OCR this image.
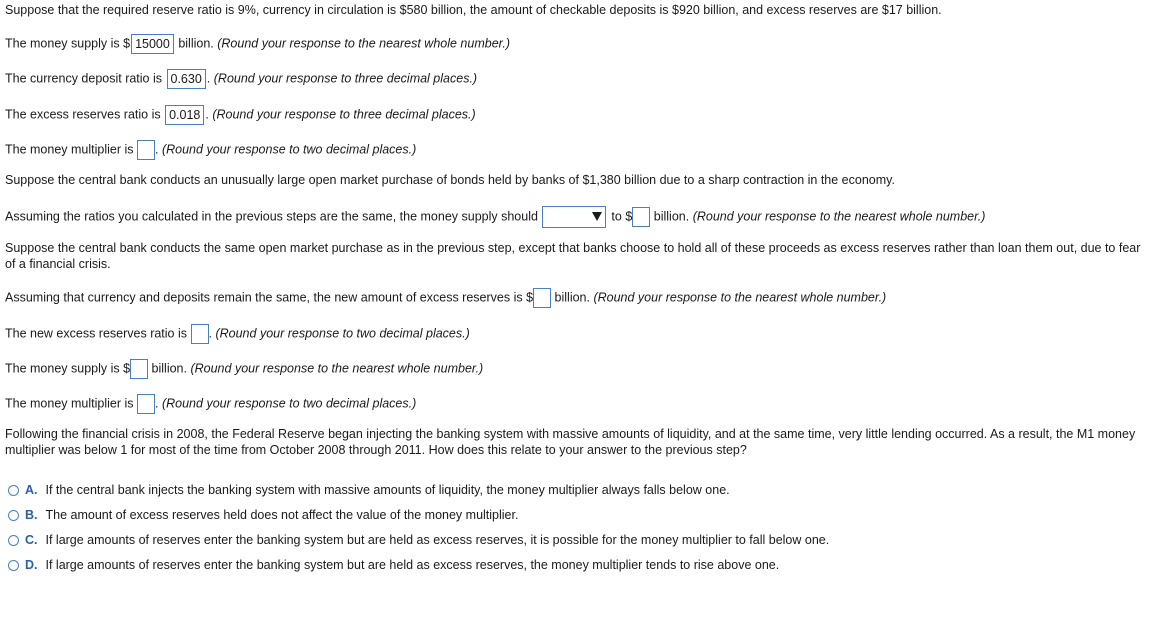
Suppose that the required reserve ratio is 9%, currency in circulation is $580 billion, the amount of checkable deposits is $920 billion, and excess reserves are $17 billion.
The money supply is $ 15000 billion. (Round your response to the nearest whole number.)
The currency deposit ratio is 0.630 . (Round your response to three decimal places.)
The excess reserves ratio is 0.018 . (Round your response to three decimal places.)
The money multiplier is . (Round your response to two decimal places.)
Suppose the central bank conducts an unusually large open market purchase of bonds held by banks of $1,380 billion due to a sharp contraction in the economy.
Assuming the ratios you calculated in the previous steps are the same, the money supply should	to $ billion. (Round your response to the nearest whole number.)
Suppose the central bank conducts the same open market purchase as in the previous step, except that banks choose to hold all of these proceeds as excess reserves rather than loan them out, due to fear of a financial crisis.
Assuming that currency and deposits remain the same, the new amount of excess reserves is $ billion. (Round your response to the nearest whole number.)
The new excess reserves ratio is . (Round your response to two decimal places.)
The money supply is $ billion. (Round your response to the nearest whole number.)
The money multiplier is . (Round your response to two decimal places.)
Following the financial crisis in 2008, the Federal Reserve began injecting the banking system with massive amounts of liquidity, and at the same time, very little lending occurred. As a result, the M1 money multiplier was below 1 for most of the time from October 2008 through 2011. How does this relate to your answer to the previous step?
A. If the central bank injects the banking system with massive amounts of liquidity, the money multiplier always falls below one.
B. The amount of excess reserves held does not affect the value of the money multiplier.
C. If large amounts of reserves enter the banking system but are held as excess reserves, it is possible for the money multiplier to fall below one.
D. If large amounts of reserves enter the banking system but are held as excess reserves, the money multiplier tends to rise above one.
